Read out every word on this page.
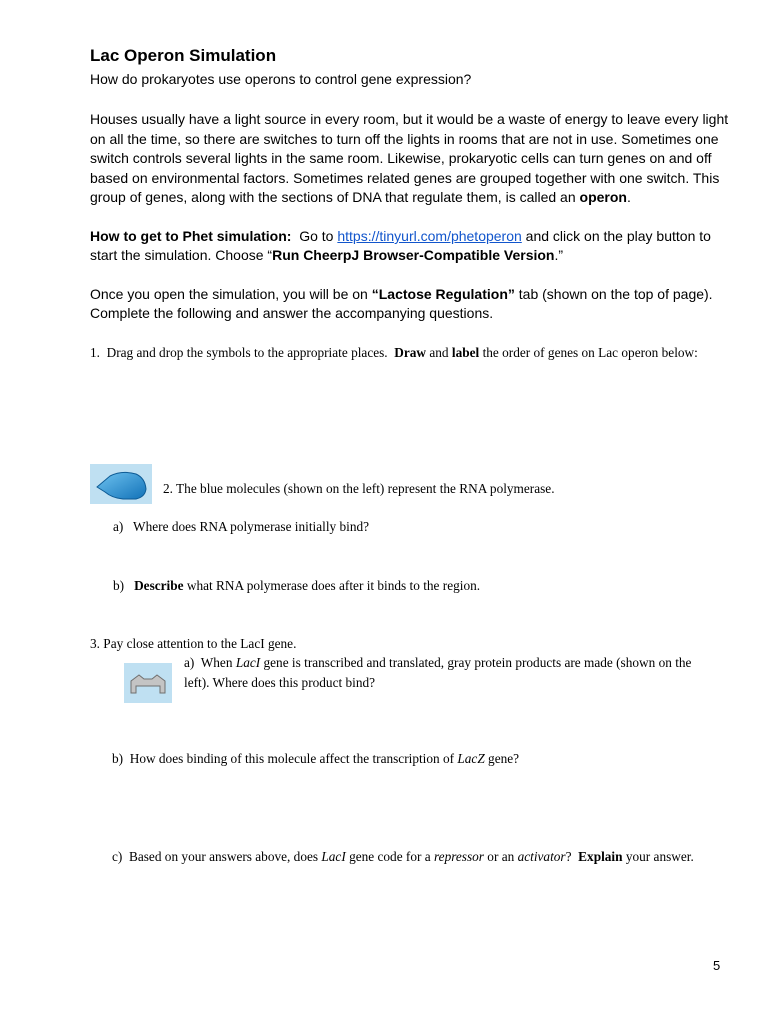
Lac Operon Simulation
How do prokaryotes use operons to control gene expression?
Houses usually have a light source in every room, but it would be a waste of energy to leave every light
on all the time, so there are switches to turn off the lights in rooms that are not in use. Sometimes one
switch controls several lights in the same room. Likewise, prokaryotic cells can turn genes on and off
based on environmental factors. Sometimes related genes are grouped together with one switch. This
group of genes, along with the sections of DNA that regulate them, is called an operon.
How to get to Phet simulation:  Go to https://tinyurl.com/phetoperon and click on the play button to
start the simulation. Choose “Run CheerpJ Browser-Compatible Version.”
Once you open the simulation, you will be on “Lactose Regulation” tab (shown on the top of page).
Complete the following and answer the accompanying questions.
1.  Drag and drop the symbols to the appropriate places.  Draw and label the order of genes on Lac operon below:
2. The blue molecules (shown on the left) represent the RNA polymerase.
a)   Where does RNA polymerase initially bind?
b)   Describe what RNA polymerase does after it binds to the region.
3. Pay close attention to the LacI gene.
a)  When LacI gene is transcribed and translated, gray protein products are made (shown on the
left). Where does this product bind?
b)  How does binding of this molecule affect the transcription of LacZ gene?
c)  Based on your answers above, does LacI gene code for a repressor or an activator?  Explain your answer.
5
